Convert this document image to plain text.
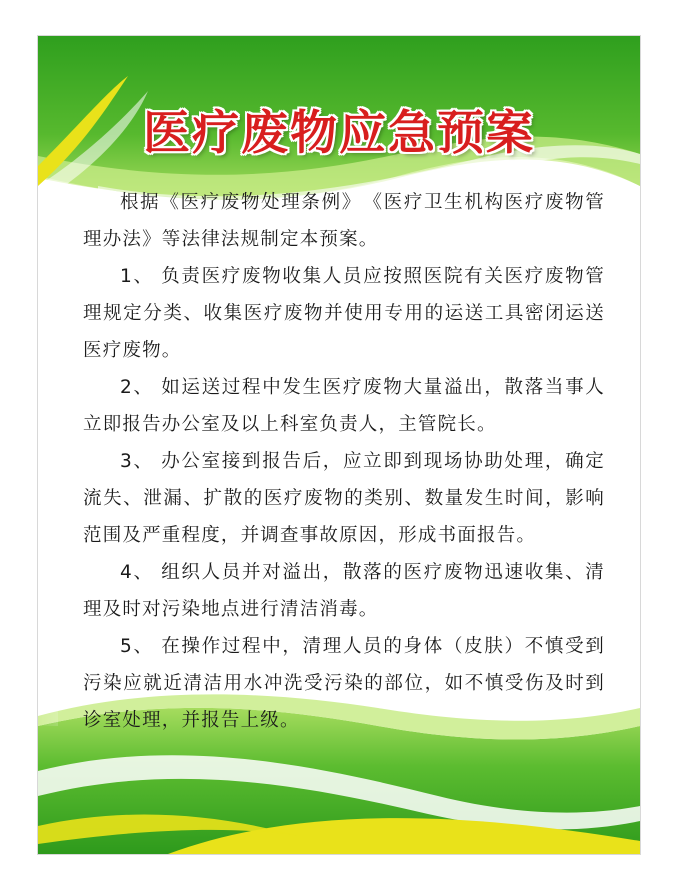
医疗废物应急预案

根据《医疗废物处理条例》　《医疗卫生机构医疗废物管理办法》等法律法规制定本预案。

1、 负责医疗废物收集人员应按照医院有关医疗废物管理规定分类、收集医疗废物并使用专用的运送工具密闭运送医疗废物。

2、 如运送过程中发生医疗废物大量溢出，散落当事人立即报告办公室及以上科室负责人，主管院长。

3、 办公室接到报告后，应立即到现场协助处理，确定流失、泄漏、扩散的医疗废物的类别、数量发生时间，影响范围及严重程度，并调查事故原因，形成书面报告。

4、 组织人员并对溢出，散落的医疗废物迅速收集、清理及时对污染地点进行清洁消毒。

5、 在操作过程中，清理人员的身体（皮肤）不慎受到污染应就近清洁用水冲洗受污染的部位，如不慎受伤及时到诊室处理，并报告上级。
